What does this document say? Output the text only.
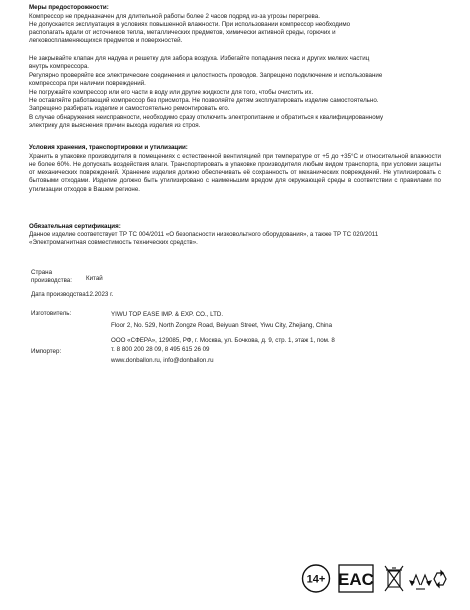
Меры предосторожности:
Компрессор не предназначен для длительной работы более 2 часов подряд из-за угрозы перегрева.
Не допускается эксплуатация в условиях повышенной влажности. При использовании компрессор необходимо
располагать вдали от источников тепла, металлических предметов, химически активной среды, горючих и
легковоспламеняющихся предметов и поверхностей.
Не закрывайте клапан для надува и решетку для забора воздуха. Избегайте попадания песка и других мелких частиц
внутрь компрессора.
Регулярно проверяйте все электрические соединения и целостность проводов. Запрещено подключение и использование
компрессора при наличии повреждений.
Не погружайте компрессор или его части в воду или другие жидкости для того, чтобы очистить их.
Не оставляйте работающий компрессор без присмотра. Не позволяйте детям эксплуатировать изделие самостоятельно.
Запрещено разбирать изделие и самостоятельно ремонтировать его.
В случае обнаружения неисправности, необходимо сразу отключить электропитание и обратиться к квалифицированному
электрику для выяснения причин выхода изделия из строя.
Условия хранения, транспортировки и утилизации:
Хранить в упаковке производителя в помещениях с естественной вентиляцией при температуре от +5 до +35°С и относительной влажности не более 60%. Не допускать воздействия влаги. Транспортировать в упаковке производителя любым видом транспорта, при условии защиты от механических повреждений. Хранение изделия должно обеспечивать её сохранность от механических повреждений. Не утилизировать с бытовыми отходами. Изделие должно быть утилизировано с наименьшим вредом для окружающей среды в соответствии с правилами по утилизации отходов в Вашем регионе.
Обязательная сертификация:
Данное изделие соответствует ТР ТС 004/2011 «О безопасности низковольтного оборудования», а также ТР ТС 020/2011
«Электромагнитная совместимость технических средств».
Страна
производства: Китай
Дата производства:
12.2023 г.
Изготовитель:	YIWU TOP EASE IMP. & EXP. CO., LTD.
Floor 2, No. 529, North Zongze Road, Beiyuan Street, Yiwu City, Zhejiang, China
Импортер:
ООО «СФЕРА», 129085, РФ, г. Москва, ул. Бочкова, д. 9, стр. 1, этаж 1, пом. 8
т. 8 800 200 28 09, 8 495 615 26 09
www.donballon.ru, info@donballon.ru
14+ EAC
